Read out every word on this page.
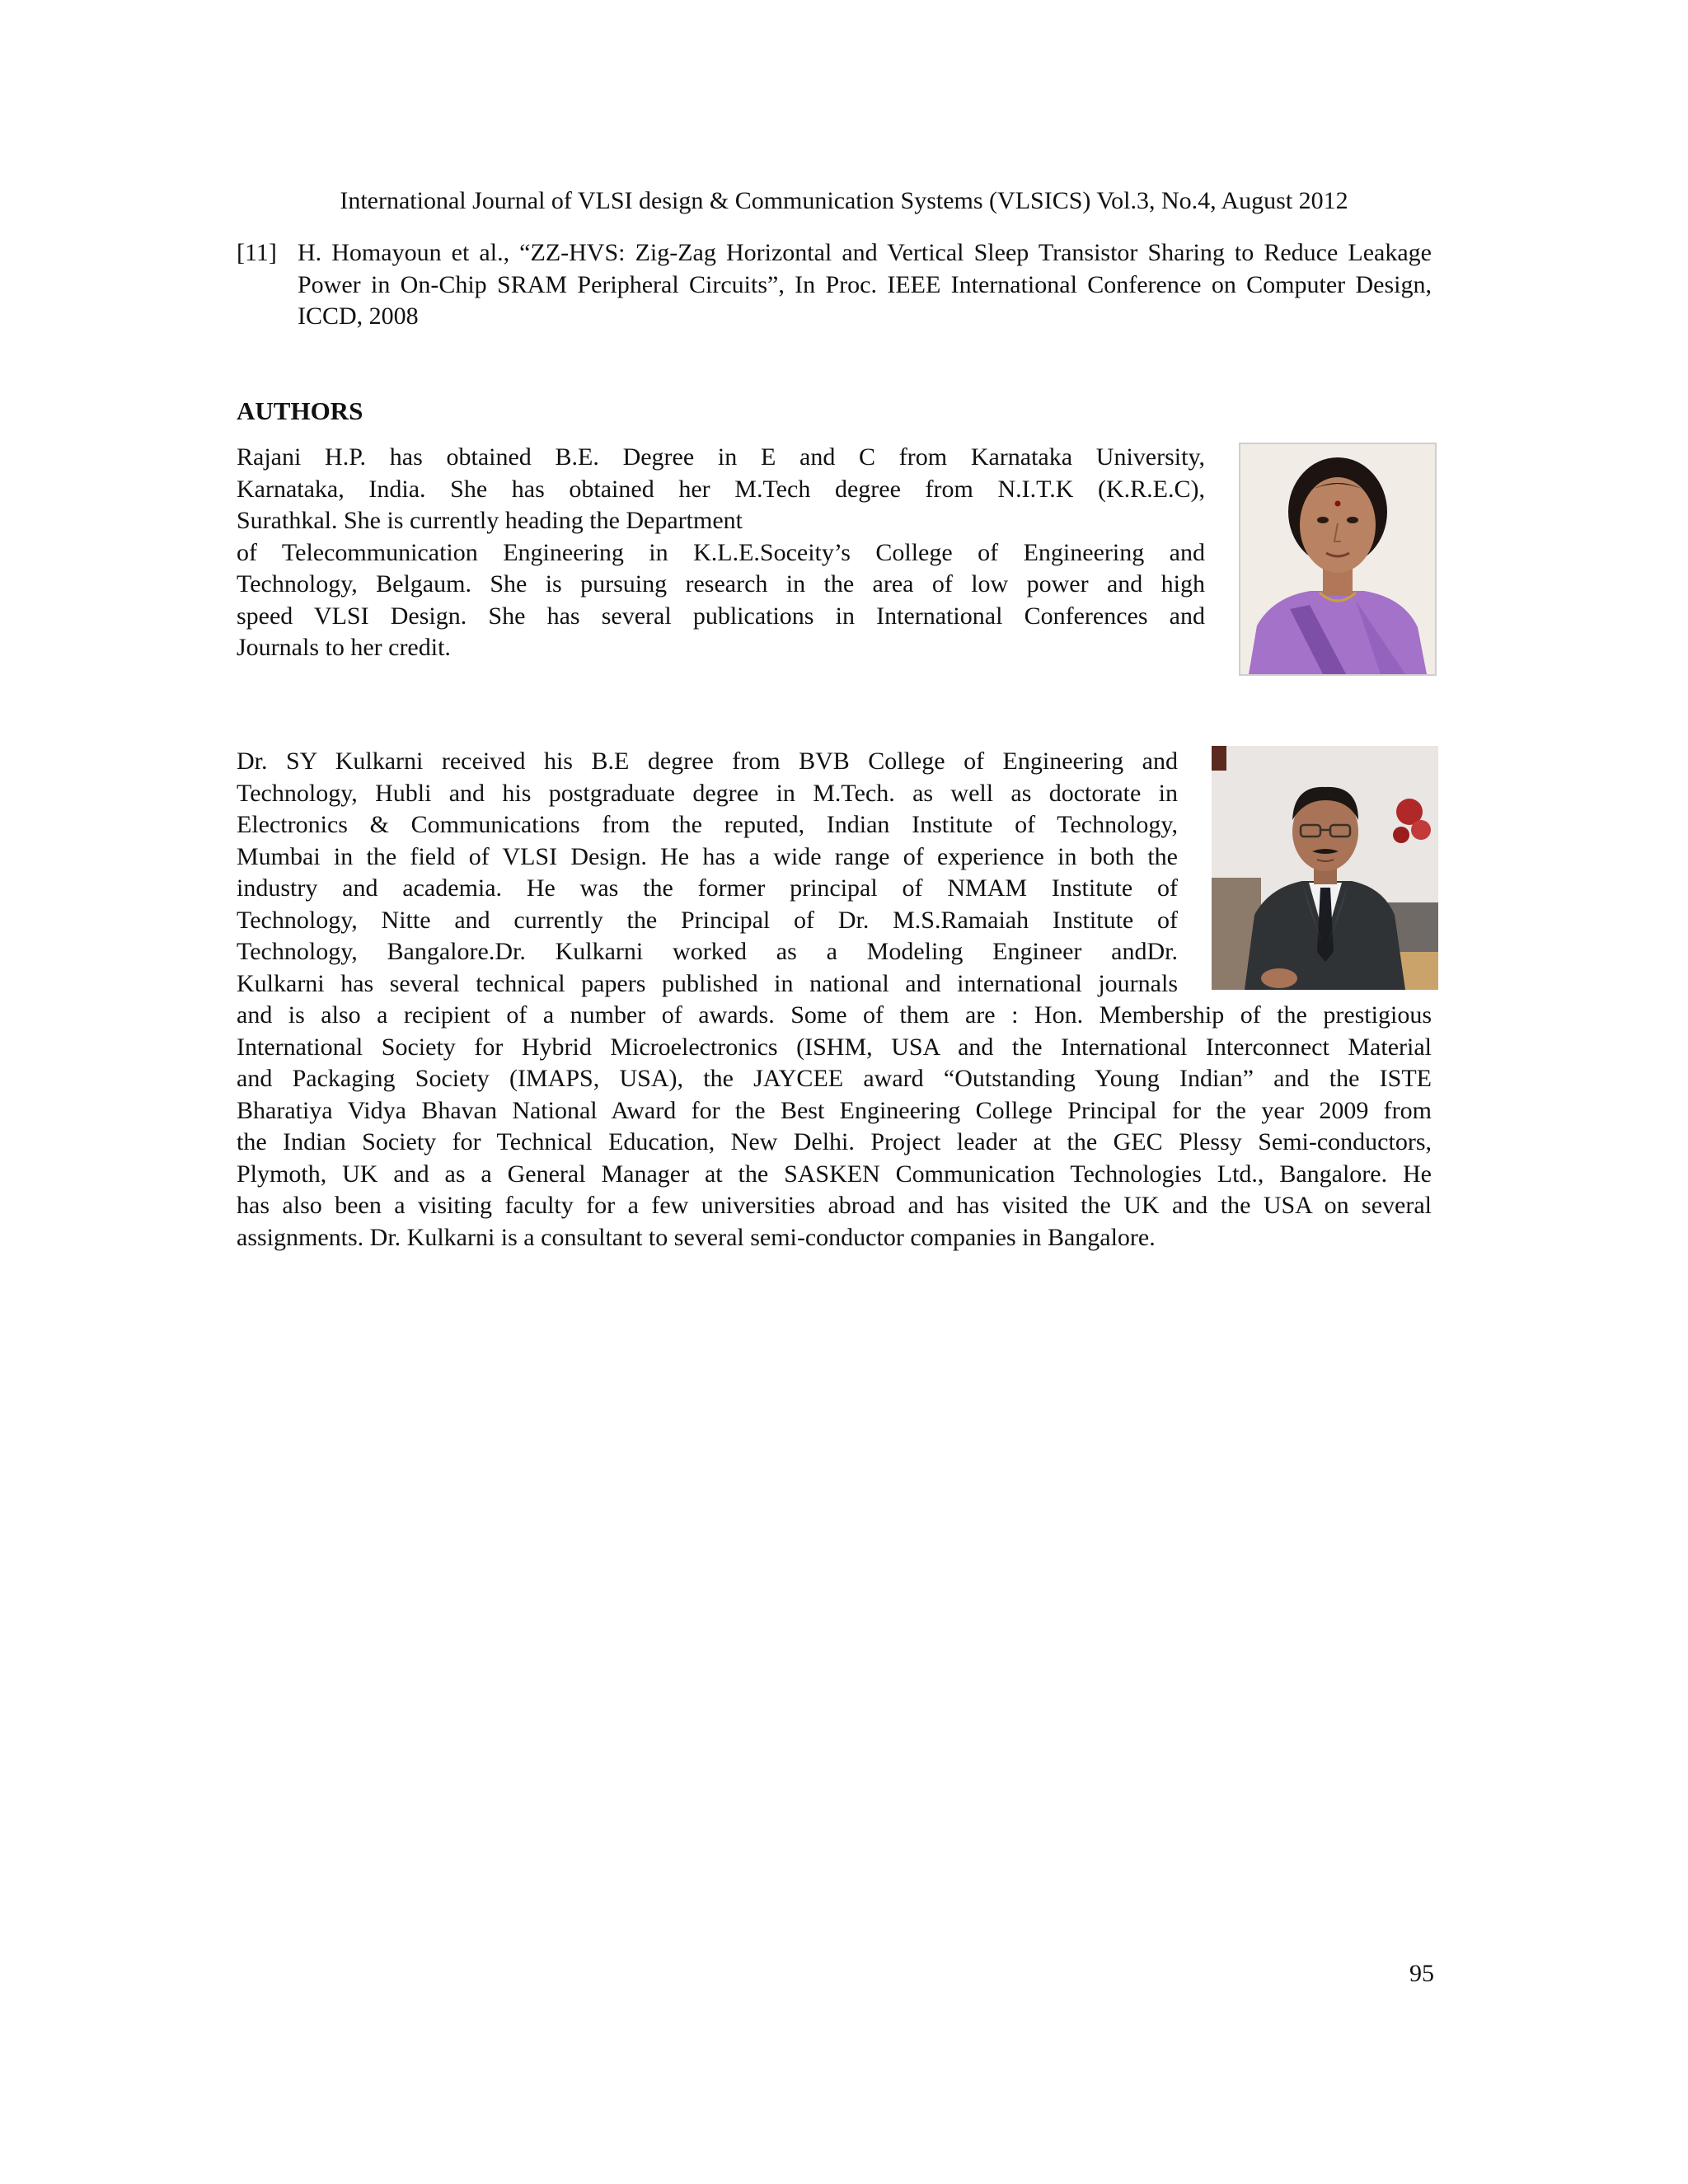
International Journal of VLSI design & Communication Systems (VLSICS) Vol.3, No.4, August 2012
[11] H. Homayoun et al., “ZZ-HVS: Zig-Zag Horizontal and Vertical Sleep Transistor Sharing to Reduce Leakage Power in On-Chip SRAM Peripheral Circuits”, In Proc. IEEE International Conference on Computer Design, ICCD, 2008
AUTHORS
Rajani H.P. has obtained B.E. Degree in E and C from Karnataka University,
Karnataka, India. She has obtained her M.Tech degree from N.I.T.K (K.R.E.C),
Surathkal. She is currently heading the Department
of Telecommunication Engineering in K.L.E.Soceity’s College of Engineering and
Technology, Belgaum. She is pursuing research in the area of low power and high
speed VLSI Design. She has several publications in International Conferences and
Journals to her credit.
Dr. SY Kulkarni received his B.E degree from BVB College of Engineering and
Technology, Hubli and his postgraduate degree in M.Tech. as well as doctorate in
Electronics & Communications from the reputed, Indian Institute of Technology,
Mumbai in the field of VLSI Design. He has a wide range of experience in both the
industry and academia. He was the former principal of NMAM Institute of
Technology, Nitte and currently the Principal of Dr. M.S.Ramaiah Institute of
Technology, Bangalore.Dr. Kulkarni worked as a Modeling Engineer andDr.
Kulkarni has several technical papers published in national and international journals
and is also a recipient of a number of awards. Some of them are : Hon. Membership of the prestigious
International Society for Hybrid Microelectronics (ISHM, USA and the International Interconnect Material
and Packaging Society (IMAPS, USA), the JAYCEE award “Outstanding Young Indian” and the ISTE
Bharatiya Vidya Bhavan National Award for the Best Engineering College Principal for the year 2009 from
the Indian Society for Technical Education, New Delhi. Project leader at the GEC Plessy Semi-conductors,
Plymoth, UK and as a General Manager at the SASKEN Communication Technologies Ltd., Bangalore. He
has also been a visiting faculty for a few universities abroad and has visited the UK and the USA on several
assignments. Dr. Kulkarni is a consultant to several semi-conductor companies in Bangalore.
95
